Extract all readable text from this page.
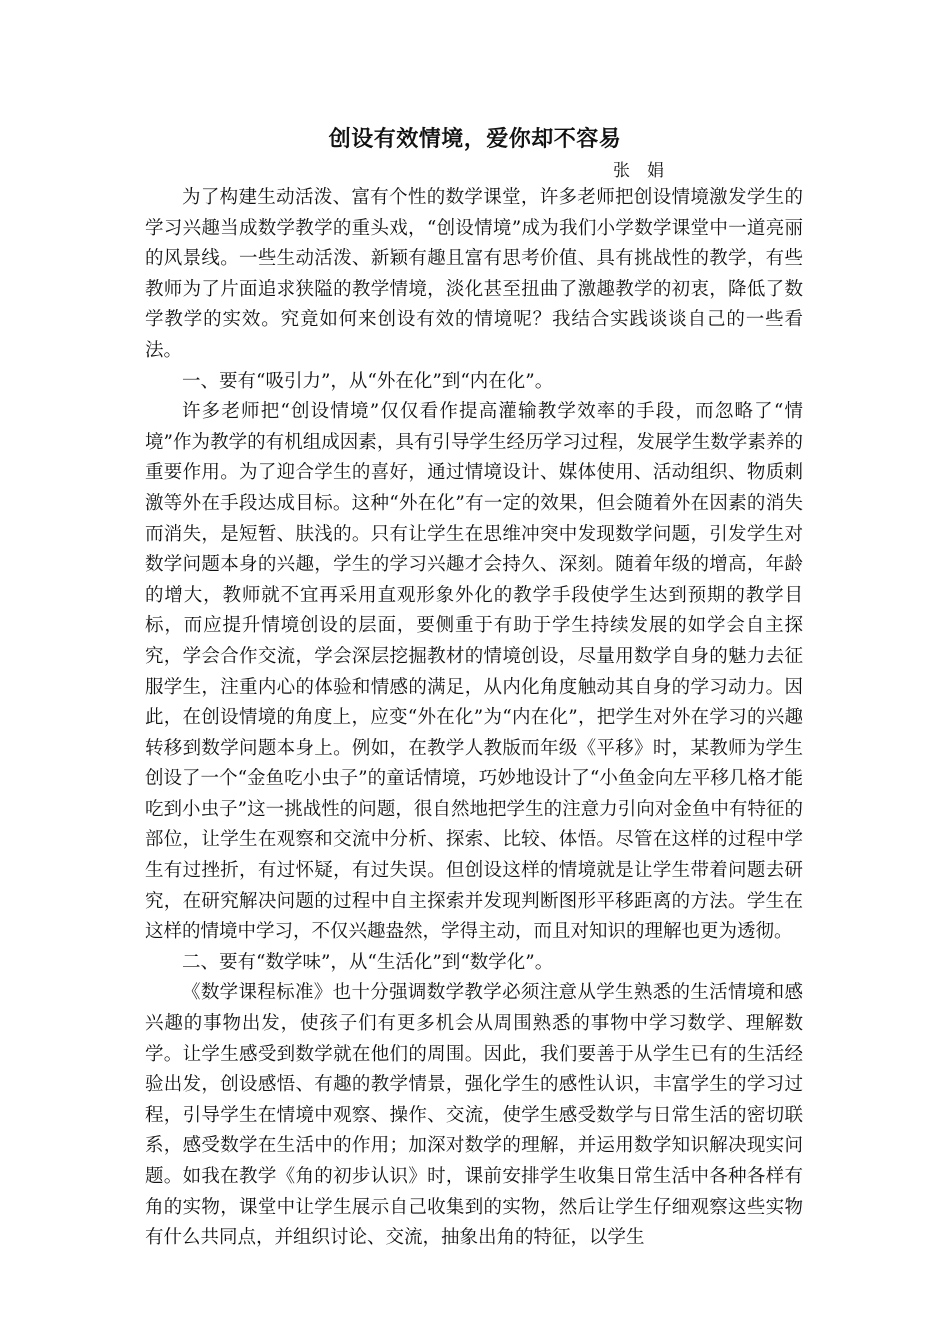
创设有效情境，爱你却不容易
张　娟

为了构建生动活泼、富有个性的数学课堂，许多老师把创设情境激发学生的学习兴趣当成数学教学的重头戏，“创设情境”成为我们小学数学课堂中一道亮丽的风景线。一些生动活泼、新颖有趣且富有思考价值、具有挑战性的教学，有些教师为了片面追求狭隘的教学情境，淡化甚至扭曲了激趣教学的初衷，降低了数学教学的实效。究竟如何来创设有效的情境呢？我结合实践谈谈自己的一些看法。

一、要有“吸引力”，从“外在化”到“内在化”。

许多老师把“创设情境”仅仅看作提高灌输教学效率的手段，而忽略了“情境”作为教学的有机组成因素，具有引导学生经历学习过程，发展学生数学素养的重要作用。为了迎合学生的喜好，通过情境设计、媒体使用、活动组织、物质刺激等外在手段达成目标。这种“外在化”有一定的效果，但会随着外在因素的消失而消失，是短暂、肤浅的。只有让学生在思维冲突中发现数学问题，引发学生对数学问题本身的兴趣，学生的学习兴趣才会持久、深刻。随着年级的增高，年龄的增大，教师就不宜再采用直观形象外化的教学手段使学生达到预期的教学目标，而应提升情境创设的层面，要侧重于有助于学生持续发展的如学会自主探究，学会合作交流，学会深层挖掘教材的情境创设，尽量用数学自身的魅力去征服学生，注重内心的体验和情感的满足，从内化角度触动其自身的学习动力。因此，在创设情境的角度上，应变“外在化”为“内在化”，把学生对外在学习的兴趣转移到数学问题本身上。例如，在教学人教版而年级《平移》时，某教师为学生创设了一个“金鱼吃小虫子”的童话情境，巧妙地设计了“小鱼金向左平移几格才能吃到小虫子”这一挑战性的问题，很自然地把学生的注意力引向对金鱼中有特征的部位，让学生在观察和交流中分析、探索、比较、体悟。尽管在这样的过程中学生有过挫折，有过怀疑，有过失误。但创设这样的情境就是让学生带着问题去研究，在研究解决问题的过程中自主探索并发现判断图形平移距离的方法。学生在这样的情境中学习，不仅兴趣盎然，学得主动，而且对知识的理解也更为透彻。

二、要有“数学味”，从“生活化”到“数学化”。

《数学课程标准》也十分强调数学教学必须注意从学生熟悉的生活情境和感兴趣的事物出发，使孩子们有更多机会从周围熟悉的事物中学习数学、理解数学。让学生感受到数学就在他们的周围。因此，我们要善于从学生已有的生活经验出发，创设感悟、有趣的教学情景，强化学生的感性认识，丰富学生的学习过程，引导学生在情境中观察、操作、交流，使学生感受数学与日常生活的密切联系，感受数学在生活中的作用；加深对数学的理解，并运用数学知识解决现实问题。如我在教学《角的初步认识》时，课前安排学生收集日常生活中各种各样有角的实物，课堂中让学生展示自己收集到的实物，然后让学生仔细观察这些实物有什么共同点，并组织讨论、交流，抽象出角的特征，以学生
